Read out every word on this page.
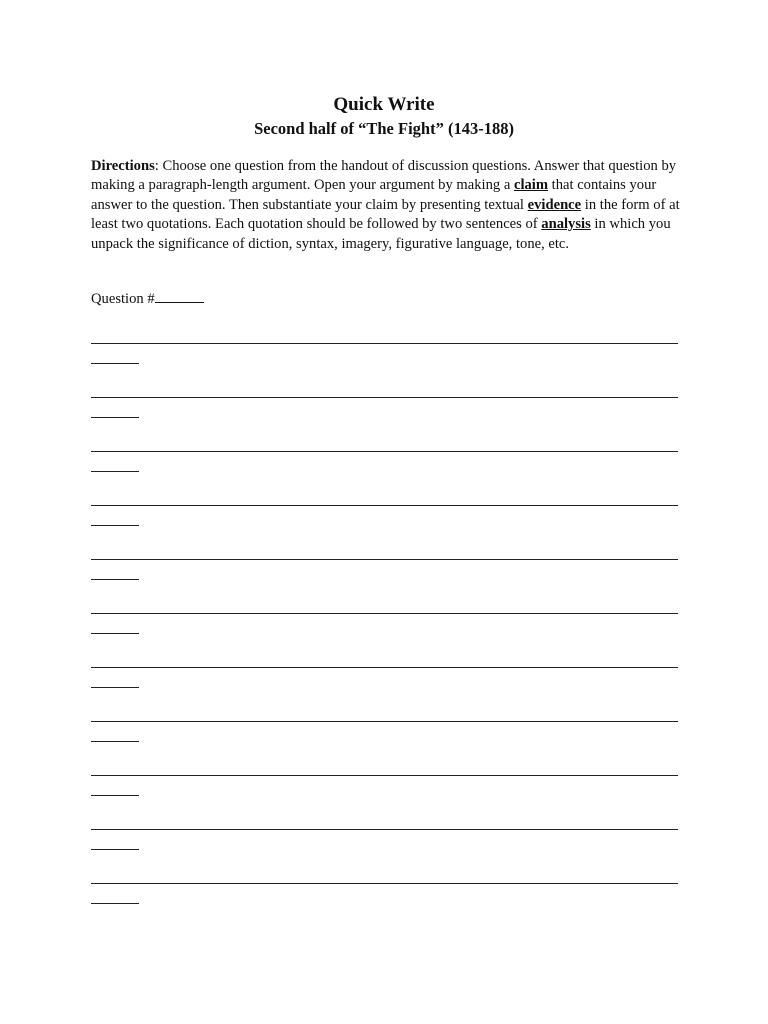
Quick Write
Second half of “The Fight” (143-188)

Directions: Choose one question from the handout of discussion questions. Answer that question by making a paragraph-length argument. Open your argument by making a claim that contains your answer to the question. Then substantiate your claim by presenting textual evidence in the form of at least two quotations. Each quotation should be followed by two sentences of analysis in which you unpack the significance of diction, syntax, imagery, figurative language, tone, etc.

Question #
